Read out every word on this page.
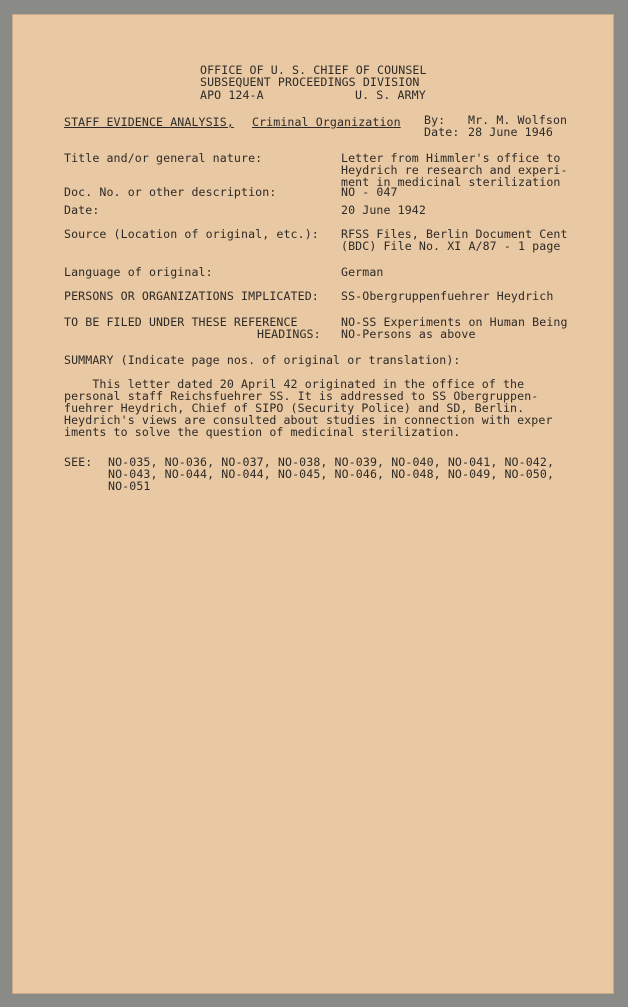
OFFICE OF U. S. CHIEF OF COUNSEL
SUBSEQUENT PROCEEDINGS DIVISION
APO 124-A	U. S. ARMY
STAFF EVIDENCE ANALYSIS, Criminal Organization By: Mr. M. Wolfson
Date: 28 June 1946
Title and/or general nature:	Letter from Himmler's office to
Heydrich re research and experi-
ment in medicinal sterilization
Doc. No. or other description:	NO - 047
Date:	20 June 1942
Source (Location of original, etc.): RFSS Files, Berlin Document Cent
(BDC) File No. XI A/87 - 1 page
Language of original:	German
PERSONS OR ORGANIZATIONS IMPLICATED: SS-Obergruppenfuehrer Heydrich
TO BE FILED UNDER THESE REFERENCE
HEADINGS:
NO-SS Experiments on Human Being
NO-Persons as above
SUMMARY (Indicate page nos. of original or translation):
This letter dated 20 April 42 originated in the office of the
personal staff Reichsfuehrer SS. It is addressed to SS Obergruppen-
fuehrer Heydrich, Chief of SIPO (Security Police) and SD, Berlin.
Heydrich's views are consulted about studies in connection with exper
iments to solve the question of medicinal sterilization.
SEE: NO-035, NO-036, NO-037, NO-038, NO-039, NO-040, NO-041, NO-042,
NO-043, NO-044, NO-044, NO-045, NO-046, NO-048, NO-049, NO-050,
NO-051
